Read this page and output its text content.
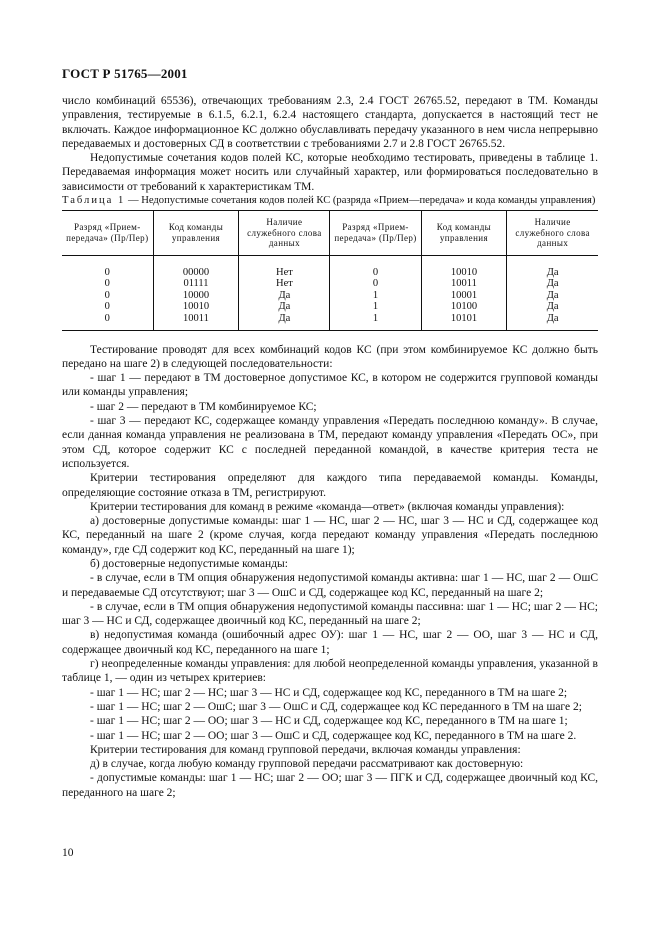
ГОСТ Р 51765—2001

число комбинаций 65536), отвечающих требованиям 2.3, 2.4 ГОСТ 26765.52, передают в ТМ. Команды управления, тестируемые в 6.1.5, 6.2.1, 6.2.4 настоящего стандарта, допускается в настоящий тест не включать. Каждое информационное КС должно обуславливать передачу указанного в нем числа непрерывно передаваемых и достоверных СД в соответствии с требованиями 2.7 и 2.8 ГОСТ 26765.52.

Недопустимые сочетания кодов полей КС, которые необходимо тестировать, приведены в таблице 1. Передаваемая информация может носить или случайный характер, или формироваться последовательно в зависимости от требований к характеристикам ТМ.

Таблица 1 — Недопустимые сочетания кодов полей КС (разряда «Прием—передача» и кода команды управления)

Разряд «Прием-передача» (Пр/Пер)	Код команды управления	Наличие служебного слова данных	Разряд «Прием-передача» (Пр/Пер)	Код команды управления	Наличие служебного слова данных

0	00000	Нет	0	10010	Да
0	01111	Нет	0	10011	Да
0	10000	Да	1	10001	Да
0	10010	Да	1	10100	Да
0	10011	Да	1	10101	Да

Тестирование проводят для всех комбинаций кодов КС (при этом комбинируемое КС должно быть передано на шаге 2) в следующей последовательности:

- шаг 1 — передают в ТМ достоверное допустимое КС, в котором не содержится групповой команды или команды управления;

- шаг 2 — передают в ТМ комбинируемое КС;

- шаг 3 — передают КС, содержащее команду управления «Передать последнюю команду». В случае, если данная команда управления не реализована в ТМ, передают команду управления «Передать ОС», при этом СД, которое содержит КС с последней переданной командой, в качестве критерия теста не используется.

Критерии тестирования определяют для каждого типа передаваемой команды. Команды, определяющие состояние отказа в ТМ, регистрируют.

Критерии тестирования для команд в режиме «команда—ответ» (включая команды управления):

а) достоверные допустимые команды: шаг 1 — НС, шаг 2 — НС, шаг 3 — НС и СД, содержащее код КС, переданный на шаге 2 (кроме случая, когда передают команду управления «Передать последнюю команду», где СД содержит код КС, переданный на шаге 1);

б) достоверные недопустимые команды:

- в случае, если в ТМ опция обнаружения недопустимой команды активна: шаг 1 — НС, шаг 2 — ОшС и передаваемые СД отсутствуют; шаг 3 — ОшС и СД, содержащее код КС, переданный на шаге 2;

- в случае, если в ТМ опция обнаружения недопустимой команды пассивна: шаг 1 — НС; шаг 2 — НС; шаг 3 — НС и СД, содержащее двоичный код КС, переданный на шаге 2;

в) недопустимая команда (ошибочный адрес ОУ): шаг 1 — НС, шаг 2 — ОО, шаг 3 — НС и СД, содержащее двоичный код КС, переданного на шаге 1;

г) неопределенные команды управления: для любой неопределенной команды управления, указанной в таблице 1, — один из четырех критериев:

- шаг 1 — НС; шаг 2 — НС; шаг 3 — НС и СД, содержащее код КС, переданного в ТМ на шаге 2;

- шаг 1 — НС; шаг 2 — ОшС; шаг 3 — ОшС и СД, содержащее код КС переданного в ТМ на шаге 2;

- шаг 1 — НС; шаг 2 — ОО; шаг 3 — НС и СД, содержащее код КС, переданного в ТМ на шаге 1;

- шаг 1 — НС; шаг 2 — ОО; шаг 3 — ОшС и СД, содержащее код КС, переданного в ТМ на шаге 2.

Критерии тестирования для команд групповой передачи, включая команды управления:

д) в случае, когда любую команду групповой передачи рассматривают как достоверную:

- допустимые команды: шаг 1 — НС; шаг 2 — ОО; шаг 3 — ПГК и СД, содержащее двоичный код КС, переданного на шаге 2;

10
